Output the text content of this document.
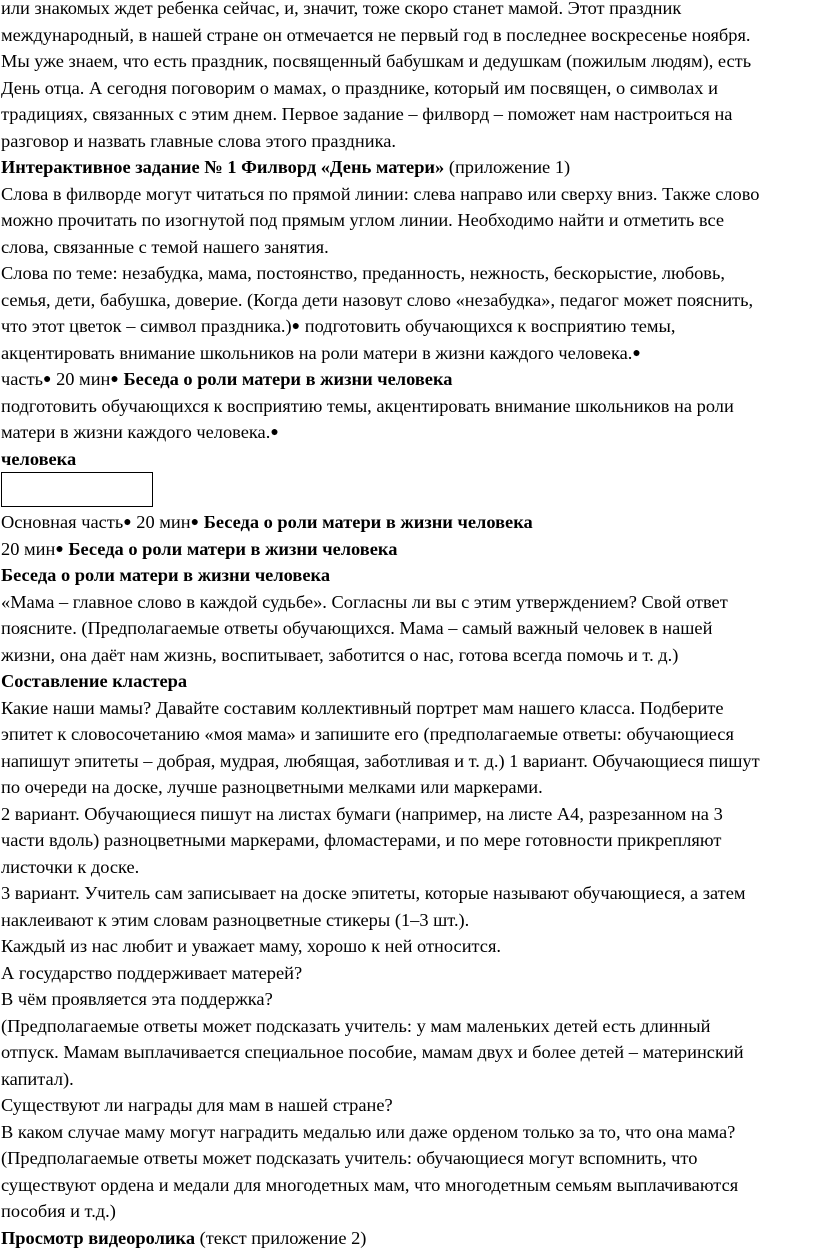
или знакомых ждет ребенка сейчас, и, значит, тоже скоро станет мамой. Этот праздник
международный, в нашей стране он отмечается не первый год в последнее воскресенье ноября.
Мы уже знаем, что есть праздник, посвященный бабушкам и дедушкам (пожилым людям), есть
День отца. А сегодня поговорим о мамах, о празднике, который им посвящен, о символах и
традициях, связанных с этим днем. Первое задание – филворд – поможет нам настроиться на
разговор и назвать главные слова этого праздника.
Интерактивное задание № 1 Филворд «День матери» (приложение 1)
Слова в филворде могут читаться по прямой линии: слева направо или сверху вниз. Также слово
можно прочитать по изогнутой под прямым углом линии. Необходимо найти и отметить все
слова, связанные с темой нашего занятия.
Слова по теме: незабудка, мама, постоянство, преданность, нежность, бескорыстие, любовь,
семья, дети, бабушка, доверие. (Когда дети назовут слово «незабудка», педагог может пояснить,
что этот цветок – символ праздника.)● подготовить обучающихся к восприятию темы,
акцентировать внимание школьников на роли матери в жизни каждого человека.●
часть● 20 мин● Беседа о роли матери в жизни человека
подготовить обучающихся к восприятию темы, акцентировать внимание школьников на роли
матери в жизни каждого человека.●
человека
Основная часть● 20 мин● Беседа о роли матери в жизни человека
20 мин● Беседа о роли матери в жизни человека
Беседа о роли матери в жизни человека
«Мама – главное слово в каждой судьбе». Согласны ли вы с этим утверждением? Свой ответ
поясните. (Предполагаемые ответы обучающихся. Мама – самый важный человек в нашей
жизни, она даёт нам жизнь, воспитывает, заботится о нас, готова всегда помочь и т. д.)
Составление кластера
Какие наши мамы? Давайте составим коллективный портрет мам нашего класса. Подберите
эпитет к словосочетанию «моя мама» и запишите его (предполагаемые ответы: обучающиеся
напишут эпитеты – добрая, мудрая, любящая, заботливая и т. д.) 1 вариант. Обучающиеся пишут
по очереди на доске, лучше разноцветными мелками или маркерами.
2 вариант. Обучающиеся пишут на листах бумаги (например, на листе А4, разрезанном на 3
части вдоль) разноцветными маркерами, фломастерами, и по мере готовности прикрепляют
листочки к доске.
3 вариант. Учитель сам записывает на доске эпитеты, которые называют обучающиеся, а затем
наклеивают к этим словам разноцветные стикеры (1–3 шт.).
Каждый из нас любит и уважает маму, хорошо к ней относится.
А государство поддерживает матерей?
В чём проявляется эта поддержка?
(Предполагаемые ответы может подсказать учитель: у мам маленьких детей есть длинный
отпуск. Мамам выплачивается специальное пособие, мамам двух и более детей – материнский
капитал).
Существуют ли награды для мам в нашей стране?
В каком случае маму могут наградить медалью или даже орденом только за то, что она мама?
(Предполагаемые ответы может подсказать учитель: обучающиеся могут вспомнить, что
существуют ордена и медали для многодетных мам, что многодетным семьям выплачиваются
пособия и т.д.)
Просмотр видеоролика (текст приложение 2)
